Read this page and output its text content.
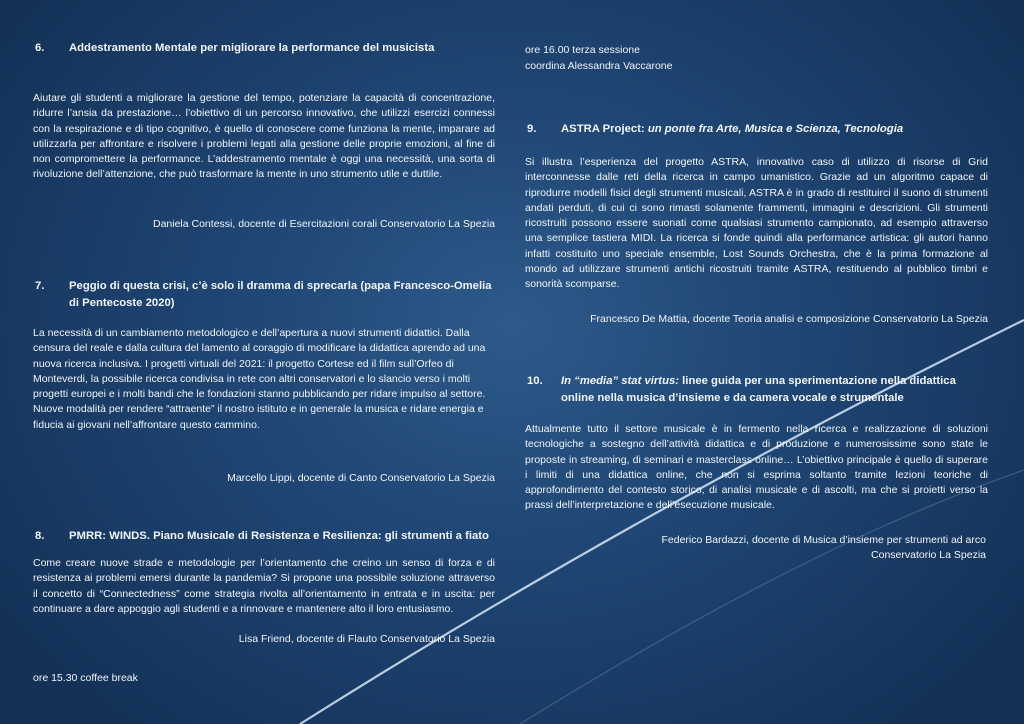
6.	Addestramento Mentale per migliorare la performance del musicista

Aiutare gli studenti a migliorare la gestione del tempo, potenziare la capacità di concentrazione, ridurre l’ansia da prestazione… l’obiettivo di un percorso innovativo, che utilizzi esercizi connessi con la respirazione e di tipo cognitivo, è quello di conoscere come funziona la mente, imparare ad utilizzarla per affrontare e risolvere i problemi legati alla gestione delle proprie emozioni, al fine di non compromettere la performance. L’addestramento mentale è oggi una necessità, una sorta di rivoluzione dell’attenzione, che può trasformare la mente in uno strumento utile e duttile.

Daniela Contessi, docente di Esercitazioni corali Conservatorio La Spezia

7.	Peggio di questa crisi, c’è solo il dramma di sprecarla (papa Francesco-Omelia di Pentecoste 2020)

La necessità di un cambiamento metodologico e dell’apertura a nuovi strumenti didattici. Dalla censura del reale e dalla cultura del lamento al coraggio di modificare la didattica aprendo ad una nuova ricerca inclusiva. I progetti virtuali del 2021: il progetto Cortese ed il film sull’Orfeo di Monteverdi, la possibile ricerca condivisa in rete con altri conservatori e lo slancio verso i molti progetti europei e i molti bandi che le fondazioni stanno pubblicando per ridare impulso al settore. Nuove modalità per rendere “attraente” il nostro istituto e in generale la musica e ridare energia e fiducia ai giovani nell’affrontare questo cammino.

Marcello Lippi, docente di Canto Conservatorio La Spezia

8.	PMRR: WINDS. Piano Musicale di Resistenza e Resilienza: gli strumenti a fiato

Come creare nuove strade e metodologie per l’orientamento che creino un senso di forza e di resistenza ai problemi emersi durante la pandemia? Si propone una possibile soluzione attraverso il concetto di “Connectedness” come strategia rivolta all’orientamento in entrata e in uscita: per continuare a dare appoggio agli studenti e a rinnovare e mantenere alto il loro entusiasmo.

Lisa Friend, docente di Flauto Conservatorio La Spezia

ore 15.30 coffee break

ore 16.00 terza sessione

coordina Alessandra Vaccarone

9.	ASTRA Project: un ponte fra Arte, Musica e Scienza, Tecnologia

Si illustra l’esperienza del progetto ASTRA, innovativo caso di utilizzo di risorse di Grid interconnesse dalle reti della ricerca in campo umanistico. Grazie ad un algoritmo capace di riprodurre modelli fisici degli strumenti musicali, ASTRA è in grado di restituirci il suono di strumenti andati perduti, di cui ci sono rimasti solamente frammenti, immagini e descrizioni. Gli strumenti ricostruiti possono essere suonati come qualsiasi strumento campionato, ad esempio attraverso una semplice tastiera MIDI. La ricerca si fonde quindi alla performance artistica: gli autori hanno infatti costituito uno speciale ensemble, Lost Sounds Orchestra, che è la prima formazione al mondo ad utilizzare strumenti antichi ricostruiti tramite ASTRA, restituendo al pubblico timbri e sonorità scomparse.

Francesco De Mattia, docente Teoria analisi e composizione Conservatorio La Spezia

10.	In “media” stat virtus: linee guida per una sperimentazione nella didattica online nella musica d’insieme e da camera vocale e strumentale

Attualmente tutto il settore musicale è in fermento nella ricerca e realizzazione di soluzioni tecnologiche a sostegno dell’attività didattica e di produzione e numerosissime sono state le proposte in streaming, di seminari e masterclass online… L’obiettivo principale è quello di superare i limiti di una didattica online, che non si esprima soltanto tramite lezioni teoriche di approfondimento del contesto storico, di analisi musicale e di ascolti, ma che si proietti verso la prassi dell’interpretazione e dell’esecuzione musicale.

Federico Bardazzi, docente di Musica d’insieme per strumenti ad arco
Conservatorio La Spezia
